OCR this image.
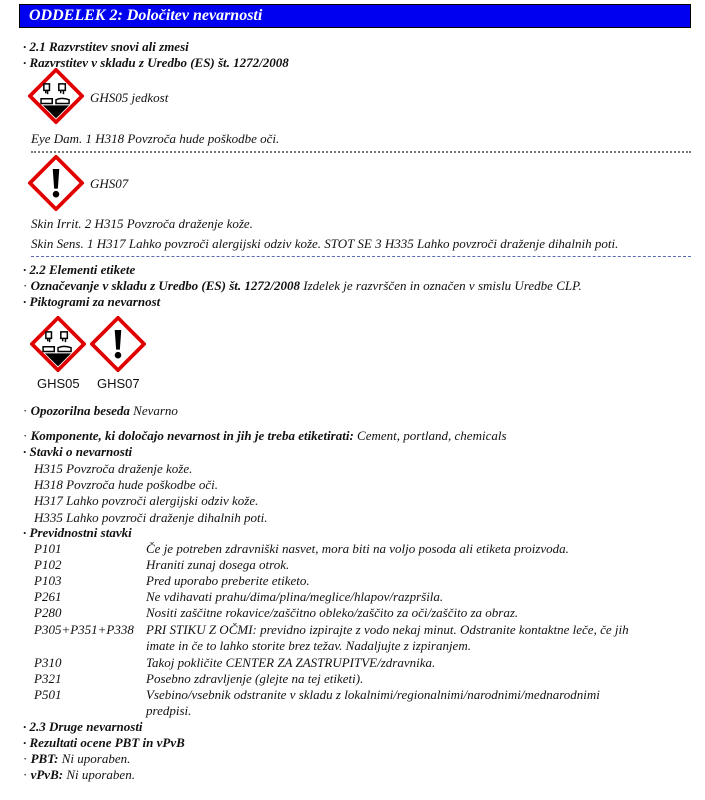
ODDELEK 2: Določitev nevarnosti
· 2.1 Razvrstitev snovi ali zmesi
· Razvrstitev v skladu z Uredbo (ES) št. 1272/2008
GHS05 jedkost
Eye Dam. 1 H318 Povzroča hude poškodbe oči.
GHS07
Skin Irrit. 2 H315 Povzroča draženje kože.
Skin Sens. 1 H317 Lahko povzroči alergijski odziv kože. STOT SE 3 H335 Lahko povzroči draženje dihalnih poti.
· 2.2 Elementi etikete
· Označevanje v skladu z Uredbo (ES) št. 1272/2008 Izdelek je razvrščen in označen v smislu Uredbe CLP.
· Piktogrami za nevarnost
GHS05 GHS07
· Opozorilna beseda Nevarno
· Komponente, ki določajo nevarnost in jih je treba etiketirati: Cement, portland, chemicals
· Stavki o nevarnosti
H315 Povzroča draženje kože.
H318 Povzroča hude poškodbe oči.
H317 Lahko povzroči alergijski odziv kože.
H335 Lahko povzroči draženje dihalnih poti.
· Previdnostni stavki
P101	Če je potreben zdravniški nasvet, mora biti na voljo posoda ali etiketa proizvoda.
P102	Hraniti zunaj dosega otrok.
P103	Pred uporabo preberite etiketo.
P261	Ne vdihavati prahu/dima/plina/meglice/hlapov/razpršila.
P280	Nositi zaščitne rokavice/zaščitno obleko/zaščito za oči/zaščito za obraz.
P305+P351+P338 PRI STIKU Z OČMI: previdno izpirajte z vodo nekaj minut. Odstranite kontaktne leče, če jih
imate in če to lahko storite brez težav. Nadaljujte z izpiranjem.
P310	Takoj pokličite CENTER ZA ZASTRUPITVE/zdravnika.
P321	Posebno zdravljenje (glejte na tej etiketi).
P501	Vsebino/vsebnik odstranite v skladu z lokalnimi/regionalnimi/narodnimi/mednarodnimi
predpisi.
· 2.3 Druge nevarnosti
· Rezultati ocene PBT in vPvB
· PBT: Ni uporaben.
· vPvB: Ni uporaben.
